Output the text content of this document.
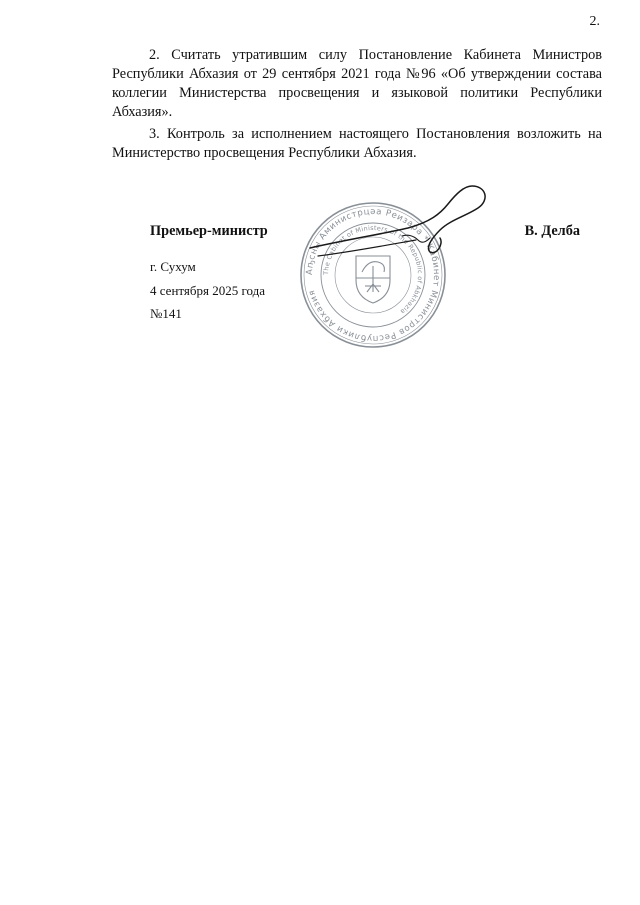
2.

2. Считать утратившим силу Постановление Кабинета Министров Республики Абхазия от 29 сентября 2021 года №96 «Об утверждении состава коллегии Министерства просвещения и языковой политики Республики Абхазия».

3. Контроль за исполнением настоящего Постановления возложить на Министерство просвещения Республики Абхазия.

Аҧсны Аминистрцәа Реизара * Кабинет Министров Республики Абхазия
The Cabinet of Ministers of the Republic of Abkhazia
Премьер-министр	В. Делба
г. Сухум
4 сентября 2025 года
№141
